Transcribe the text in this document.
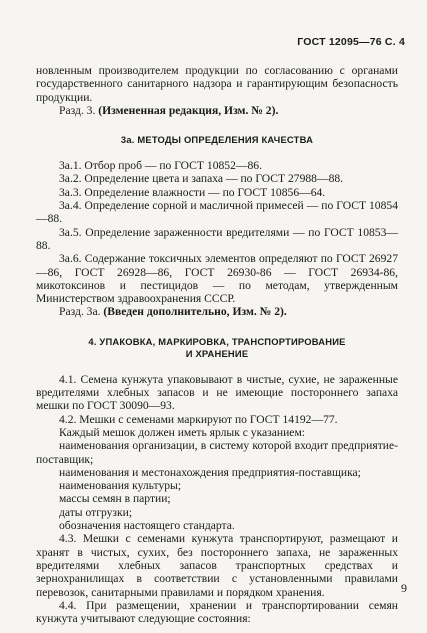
ГОСТ 12095—76 С. 4

новленным производителем продукции по согласованию с органами государственного санитарного надзора и гарантирующим безопасность продукции.

Разд. 3. (Измененная редакция, Изм. № 2).

3а. МЕТОДЫ ОПРЕДЕЛЕНИЯ КАЧЕСТВА

3а.1. Отбор проб — по ГОСТ 10852—86.

3а.2. Определение цвета и запаха — по ГОСТ 27988—88.

3а.3. Определение влажности — по ГОСТ 10856—64.

3а.4. Определение сорной и масличной примесей — по ГОСТ 10854—88.

3а.5. Определение зараженности вредителями — по ГОСТ 10853—88.

3а.6. Содержание токсичных элементов определяют по ГОСТ 26927—86, ГОСТ 26928—86, ГОСТ 26930-86 — ГОСТ 26934-86, микотоксинов и пестицидов — по методам, утвержденным Министерством здравоохранения СССР.

Разд. 3а. (Введен дополнительно, Изм. № 2).

4. УПАКОВКА, МАРКИРОВКА, ТРАНСПОРТИРОВАНИЕ

И ХРАНЕНИЕ

4.1. Семена кунжута упаковывают в чистые, сухие, не зараженные вредителями хлебных запасов и не имеющие постороннего запаха мешки по ГОСТ 30090—93.

4.2. Мешки с семенами маркируют по ГОСТ 14192—77.

Каждый мешок должен иметь ярлык с указанием:

наименования организации, в систему которой входит предприятие-поставщик;

наименования и местонахождения предприятия-поставщика;

наименования культуры;

массы семян в партии;

даты отгрузки;

обозначения настоящего стандарта.

4.3. Мешки с семенами кунжута транспортируют, размещают и хранят в чистых, сухих, без постороннего запаха, не зараженных вредителями хлебных запасов транспортных средствах и зернохранилищах в соответствии с установленными правилами перевозок, санитарными правилами и порядком хранения.

4.4. При размещении, хранении и транспортировании семян кунжута учитывают следующие состояния:

9
